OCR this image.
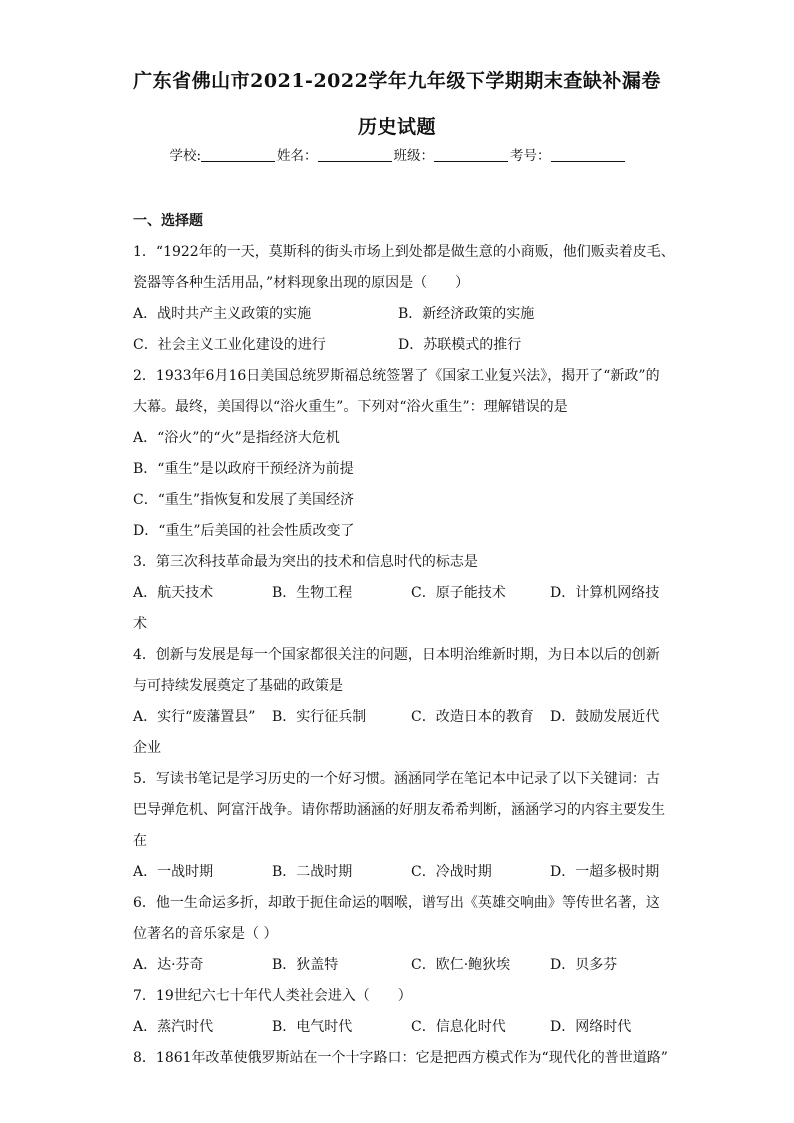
广东省佛山市2021-2022学年九年级下学期期末查缺补漏卷
历史试题
学校:	姓名：	班级：	考号：
一、选择题
1．“1922年的一天，莫斯科的街头市场上到处都是做生意的小商贩，他们贩卖着皮毛、
瓷器等各种生活用品，”材料现象出现的原因是（　　）
A．战时共产主义政策的实施	B．新经济政策的实施
C．社会主义工业化建设的进行	D．苏联模式的推行
2．1933年6月16日美国总统罗斯福总统签署了《国家工业复兴法》，揭开了“新政”的
大幕。最终，美国得以“浴火重生”。下列对“浴火重生”：理解错误的是
A．“浴火”的“火”是指经济大危机
B．“重生”是以政府干预经济为前提
C．“重生”指恢复和发展了美国经济
D．“重生”后美国的社会性质改变了
3．第三次科技革命最为突出的技术和信息时代的标志是
A．航天技术	B．生物工程	C．原子能技术	D．计算机网络技
术
4．创新与发展是每一个国家都很关注的问题，日本明治维新时期，为日本以后的创新
与可持续发展奠定了基础的政策是
A．实行“废藩置县”	B．实行征兵制	C．改造日本的教育	D．鼓励发展近代
企业
5．写读书笔记是学习历史的一个好习惯。涵涵同学在笔记本中记录了以下关键词：古
巴导弹危机、阿富汗战争。请你帮助涵涵的好朋友希希判断，涵涵学习的内容主要发生
在
A．一战时期	B．二战时期	C．冷战时期	D．一超多极时期
6．他一生命运多折，却敢于扼住命运的咽喉，谱写出《英雄交响曲》等传世名著，这
位著名的音乐家是（ ）
A．达·芬奇	B．狄盖特	C．欧仁·鲍狄埃	D．贝多芬
7．19世纪六七十年代人类社会进入（　　）
A．蒸汽时代	B．电气时代	C．信息化时代	D．网络时代
8．1861年改革使俄罗斯站在一个十字路口：它是把西方模式作为“现代化的普世道路”
